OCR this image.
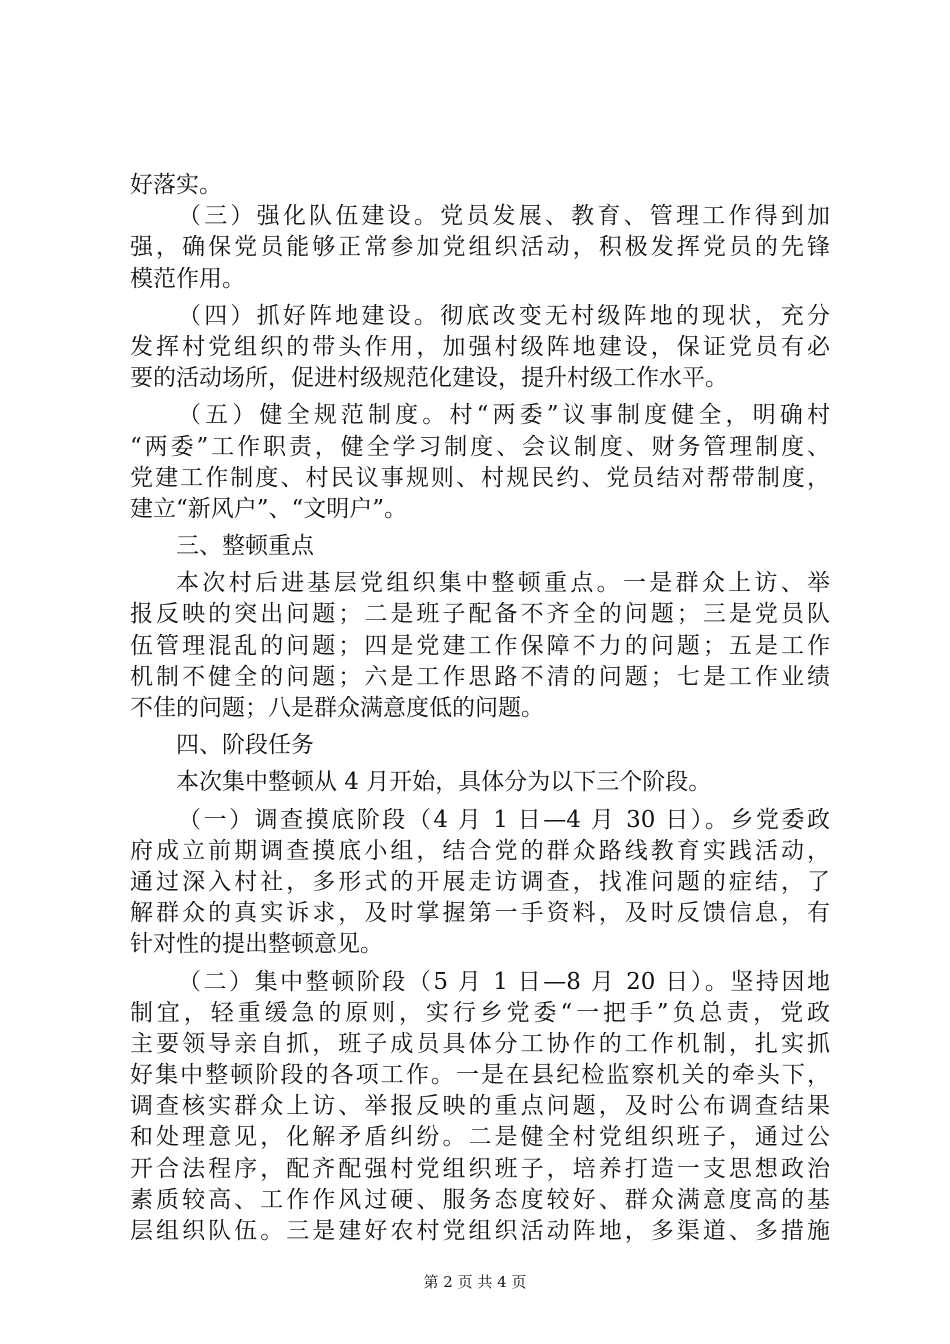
好落实。
（三）强化队伍建设。党员发展、教育、管理工作得到加
强，确保党员能够正常参加党组织活动，积极发挥党员的先锋
模范作用。
（四）抓好阵地建设。彻底改变无村级阵地的现状，充分
发挥村党组织的带头作用，加强村级阵地建设，保证党员有必
要的活动场所，促进村级规范化建设，提升村级工作水平。
（五）健全规范制度。村“两委”议事制度健全，明确村
“两委”工作职责，健全学习制度、会议制度、财务管理制度、
党建工作制度、村民议事规则、村规民约、党员结对帮带制度，
建立“新风户”、“文明户”。
三、整顿重点
本次村后进基层党组织集中整顿重点。一是群众上访、举
报反映的突出问题；二是班子配备不齐全的问题；三是党员队
伍管理混乱的问题；四是党建工作保障不力的问题；五是工作
机制不健全的问题；六是工作思路不清的问题；七是工作业绩
不佳的问题；八是群众满意度低的问题。
四、阶段任务
本次集中整顿从 4 月开始，具体分为以下三个阶段。
（一）调查摸底阶段（4 月 1 日—4 月 30 日）。乡党委政
府成立前期调查摸底小组，结合党的群众路线教育实践活动，
通过深入村社，多形式的开展走访调查，找准问题的症结，了
解群众的真实诉求，及时掌握第一手资料，及时反馈信息，有
针对性的提出整顿意见。
（二）集中整顿阶段（5 月 1 日—8 月 20 日）。坚持因地
制宜，轻重缓急的原则，实行乡党委“一把手”负总责，党政
主要领导亲自抓，班子成员具体分工协作的工作机制，扎实抓
好集中整顿阶段的各项工作。一是在县纪检监察机关的牵头下，
调查核实群众上访、举报反映的重点问题，及时公布调查结果
和处理意见，化解矛盾纠纷。二是健全村党组织班子，通过公
开合法程序，配齐配强村党组织班子，培养打造一支思想政治
素质较高、工作作风过硬、服务态度较好、群众满意度高的基
层组织队伍。三是建好农村党组织活动阵地，多渠道、多措施
第 2 页 共 4 页
